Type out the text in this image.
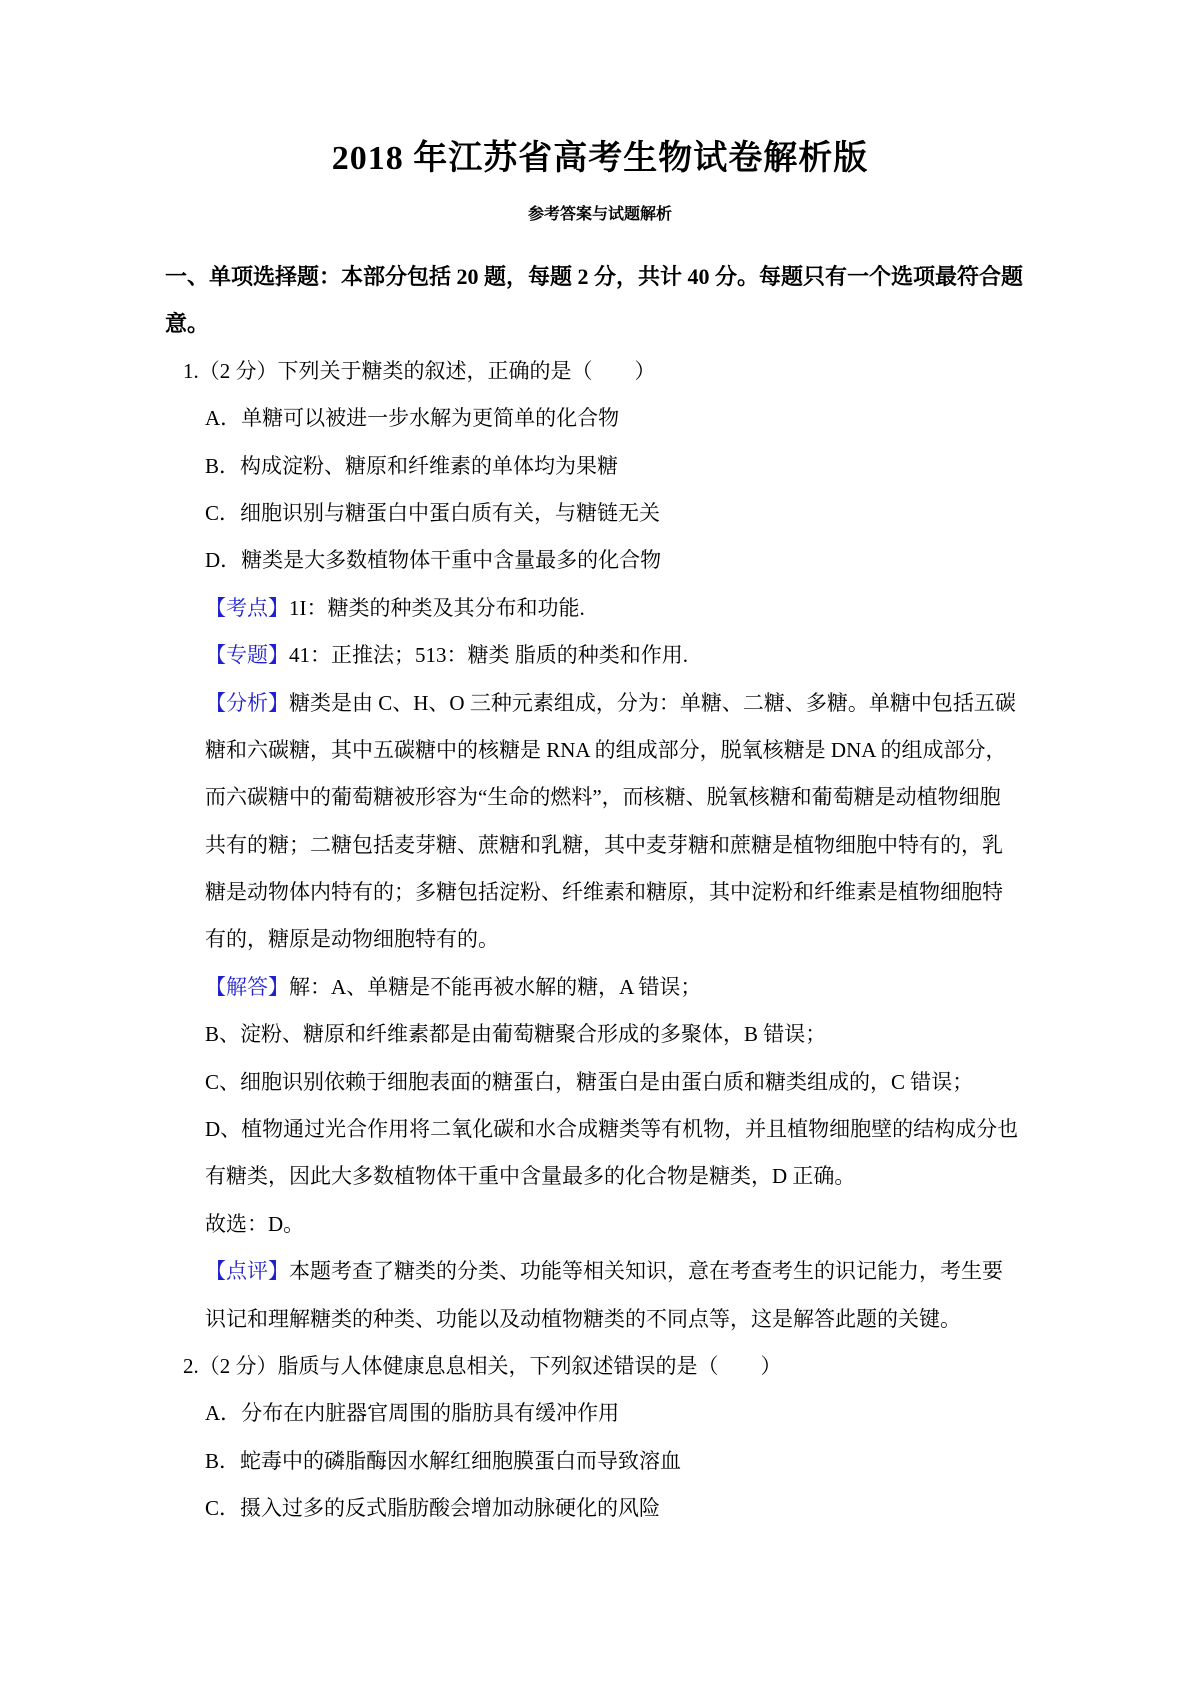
2018 年江苏省高考生物试卷解析版
参考答案与试题解析
一、单项选择题：本部分包括 20 题，每题 2 分，共计 40 分。每题只有一个选项最符合题
意。
1.（2 分）下列关于糖类的叙述，正确的是（　　）
A．单糖可以被进一步水解为更简单的化合物
B．构成淀粉、糖原和纤维素的单体均为果糖
C．细胞识别与糖蛋白中蛋白质有关，与糖链无关
D．糖类是大多数植物体干重中含量最多的化合物
【考点】1I：糖类的种类及其分布和功能.
【专题】41：正推法；513：糖类 脂质的种类和作用.
【分析】糖类是由 C、H、O 三种元素组成，分为：单糖、二糖、多糖。单糖中包括五碳
糖和六碳糖，其中五碳糖中的核糖是 RNA 的组成部分，脱氧核糖是 DNA 的组成部分，
而六碳糖中的葡萄糖被形容为“生命的燃料”，而核糖、脱氧核糖和葡萄糖是动植物细胞
共有的糖；二糖包括麦芽糖、蔗糖和乳糖，其中麦芽糖和蔗糖是植物细胞中特有的，乳
糖是动物体内特有的；多糖包括淀粉、纤维素和糖原，其中淀粉和纤维素是植物细胞特
有的，糖原是动物细胞特有的。
【解答】解：A、单糖是不能再被水解的糖，A 错误；
B、淀粉、糖原和纤维素都是由葡萄糖聚合形成的多聚体，B 错误；
C、细胞识别依赖于细胞表面的糖蛋白，糖蛋白是由蛋白质和糖类组成的，C 错误；
D、植物通过光合作用将二氧化碳和水合成糖类等有机物，并且植物细胞壁的结构成分也
有糖类，因此大多数植物体干重中含量最多的化合物是糖类，D 正确。
故选：D。
【点评】本题考查了糖类的分类、功能等相关知识，意在考查考生的识记能力，考生要
识记和理解糖类的种类、功能以及动植物糖类的不同点等，这是解答此题的关键。
2.（2 分）脂质与人体健康息息相关，下列叙述错误的是（　　）
A．分布在内脏器官周围的脂肪具有缓冲作用
B．蛇毒中的磷脂酶因水解红细胞膜蛋白而导致溶血
C．摄入过多的反式脂肪酸会增加动脉硬化的风险
